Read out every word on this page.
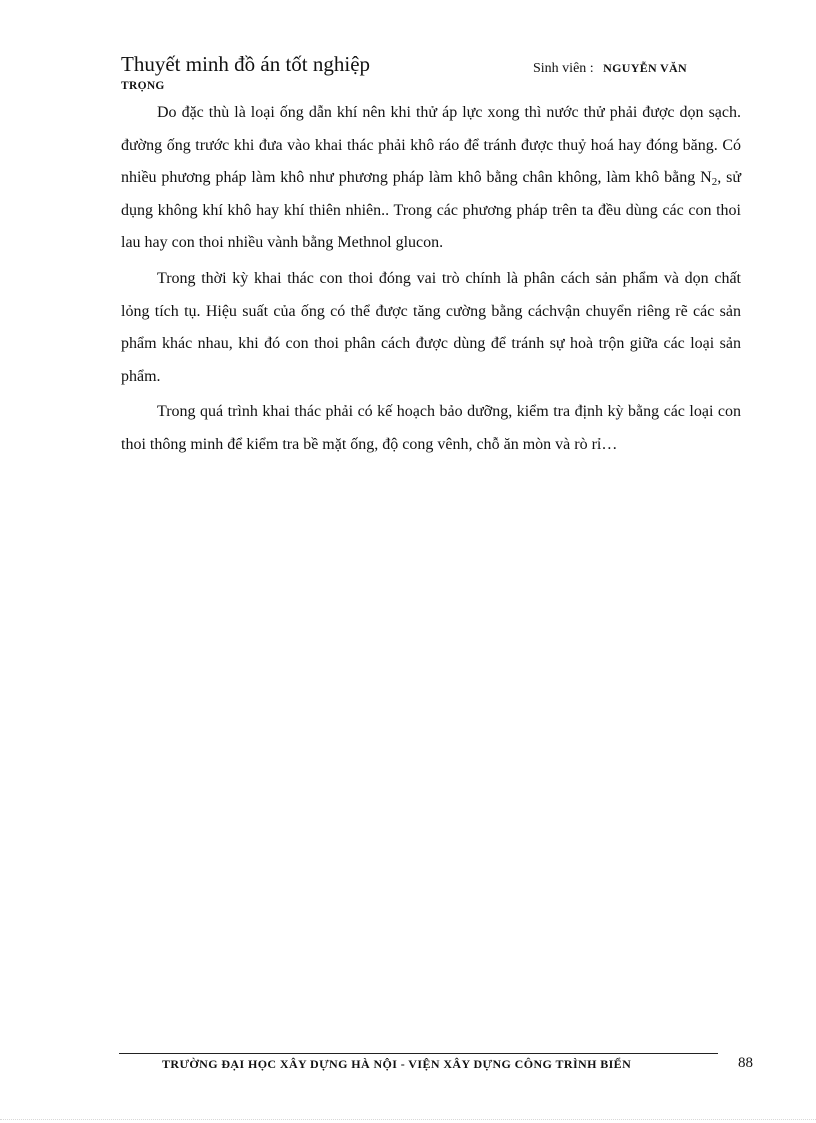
Thuyết minh đồ án tốt nghiệp	Sinh viên : NGUYỄN VĂN
TRỌNG

Do đặc thù là loại ống dẫn khí nên khi thử áp lực xong thì nước thử phải được dọn sạch. đường ống trước khi đưa vào khai thác phải khô ráo để tránh được thuỷ hoá hay đóng băng. Có nhiều phương pháp làm khô như phương pháp làm khô bằng chân không, làm khô bằng $N_2$, sử dụng không khí khô hay khí thiên nhiên.. Trong các phương pháp trên ta đều dùng các con thoi lau hay con thoi nhiều vành bằng Methnol glucon.

Trong thời kỳ khai thác con thoi đóng vai trò chính là phân cách sản phẩm và dọn chất lỏng tích tụ. Hiệu suất của ống có thể được tăng cường bằng cáchvận chuyển riêng rẽ các sản phẩm khác nhau, khi đó con thoi phân cách được dùng để tránh sự hoà trộn giữa các loại sản phẩm.

Trong quá trình khai thác phải có kế hoạch bảo dưỡng, kiểm tra định kỳ bằng các loại con thoi thông minh để kiểm tra bề mặt ống, độ cong vênh, chỗ ăn mòn và rò rỉ…

TRƯỜNG ĐẠI HỌC XÂY DỰNG HÀ NỘI - VIỆN XÂY DỰNG CÔNG TRÌNH BIỂN	88
